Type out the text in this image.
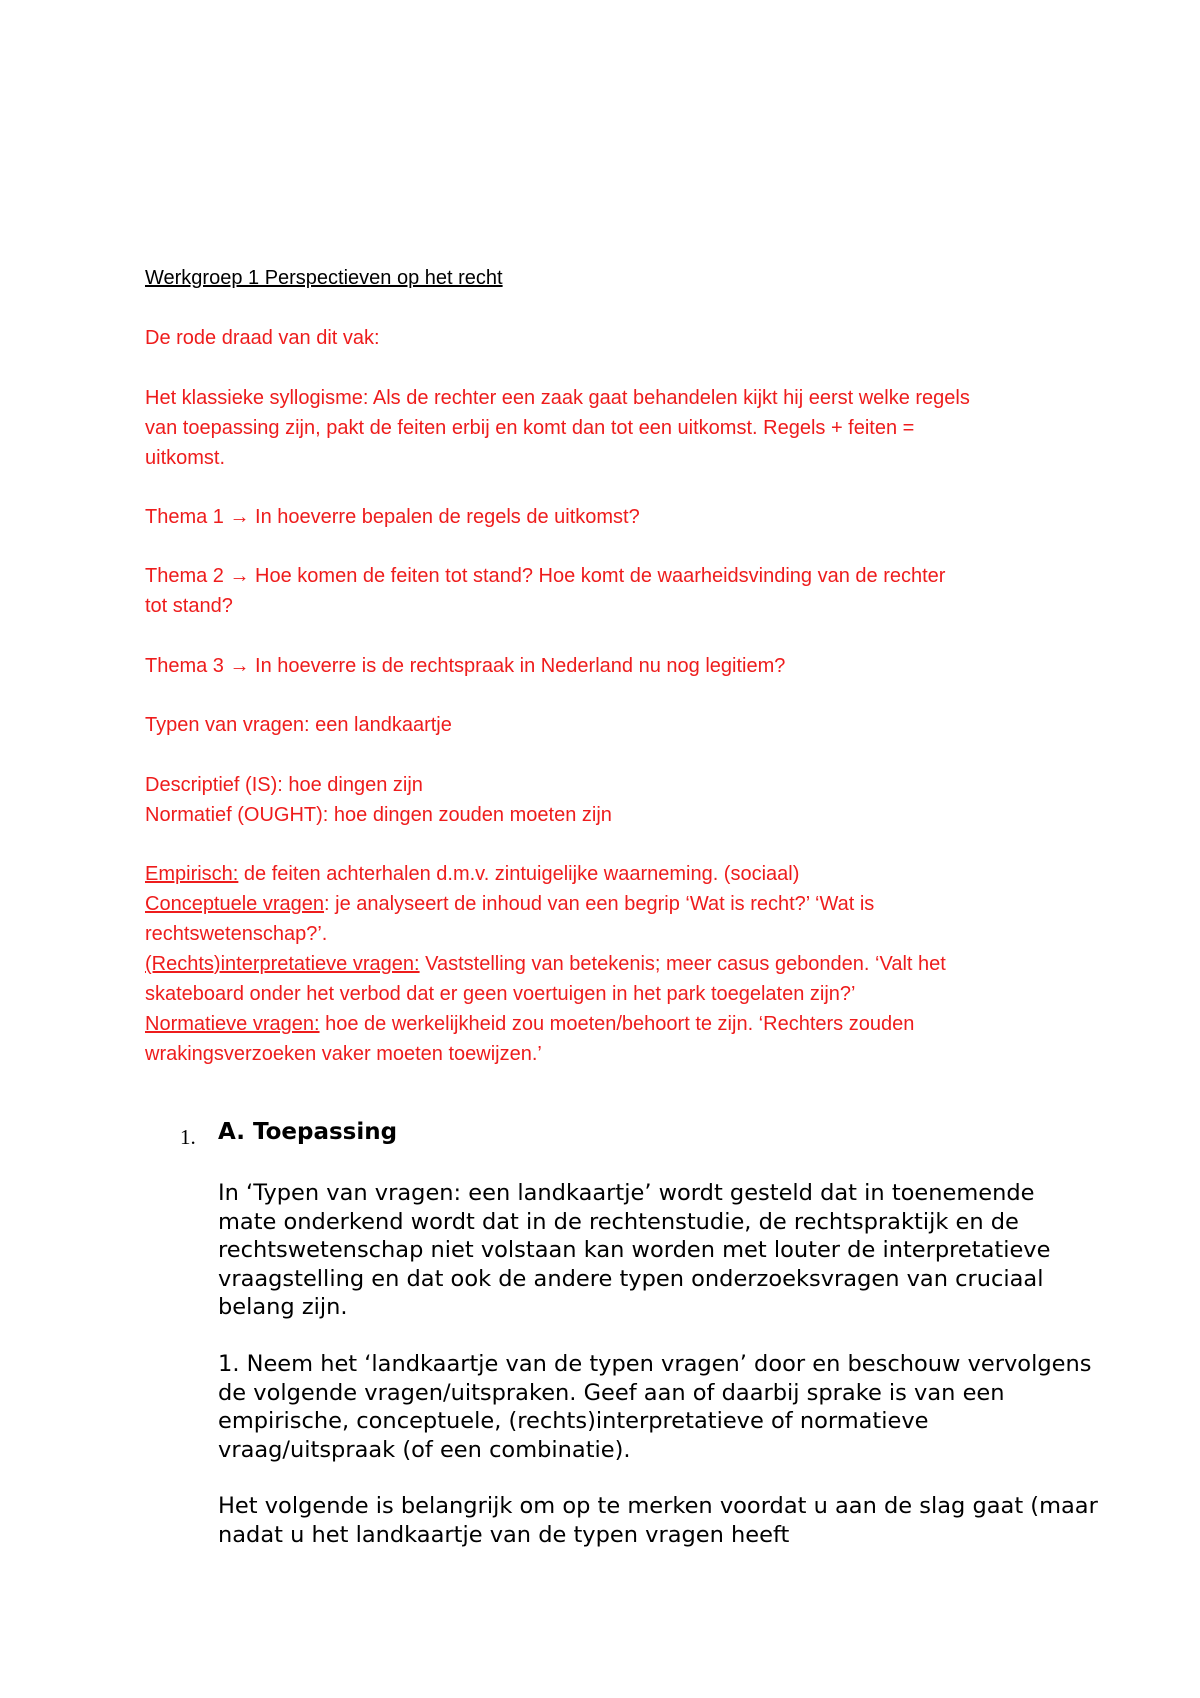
Werkgroep 1 Perspectieven op het recht
De rode draad van dit vak:
Het klassieke syllogisme: Als de rechter een zaak gaat behandelen kijkt hij eerst welke regels
van toepassing zijn, pakt de feiten erbij en komt dan tot een uitkomst. Regels + feiten =
uitkomst.
Thema 1 → In hoeverre bepalen de regels de uitkomst?
Thema 2 → Hoe komen de feiten tot stand? Hoe komt de waarheidsvinding van de rechter
tot stand?
Thema 3 → In hoeverre is de rechtspraak in Nederland nu nog legitiem?
Typen van vragen: een landkaartje
Descriptief (IS): hoe dingen zijn
Normatief (OUGHT): hoe dingen zouden moeten zijn
Empirisch: de feiten achterhalen d.m.v. zintuigelijke waarneming. (sociaal)
Conceptuele vragen: je analyseert de inhoud van een begrip ‘Wat is recht?’ ‘Wat is
rechtswetenschap?’.
(Rechts)interpretatieve vragen: Vaststelling van betekenis; meer casus gebonden. ‘Valt het
skateboard onder het verbod dat er geen voertuigen in het park toegelaten zijn?’
Normatieve vragen: hoe de werkelijkheid zou moeten/behoort te zijn. ‘Rechters zouden
wrakingsverzoeken vaker moeten toewijzen.’
1. A. Toepassing
In ‘Typen van vragen: een landkaartje’ wordt gesteld dat in toenemende mate onderkend wordt dat in de rechtenstudie, de rechtspraktijk en de rechtswetenschap niet volstaan kan worden met louter de interpretatieve vraagstelling en dat ook de andere typen onderzoeksvragen van cruciaal belang zijn.
1. Neem het ‘landkaartje van de typen vragen’ door en beschouw vervolgens de volgende vragen/uitspraken. Geef aan of daarbij sprake is van een empirische, conceptuele, (rechts)interpretatieve of normatieve vraag/uitspraak (of een combinatie).
Het volgende is belangrijk om op te merken voordat u aan de slag gaat (maar nadat u het landkaartje van de typen vragen heeft
